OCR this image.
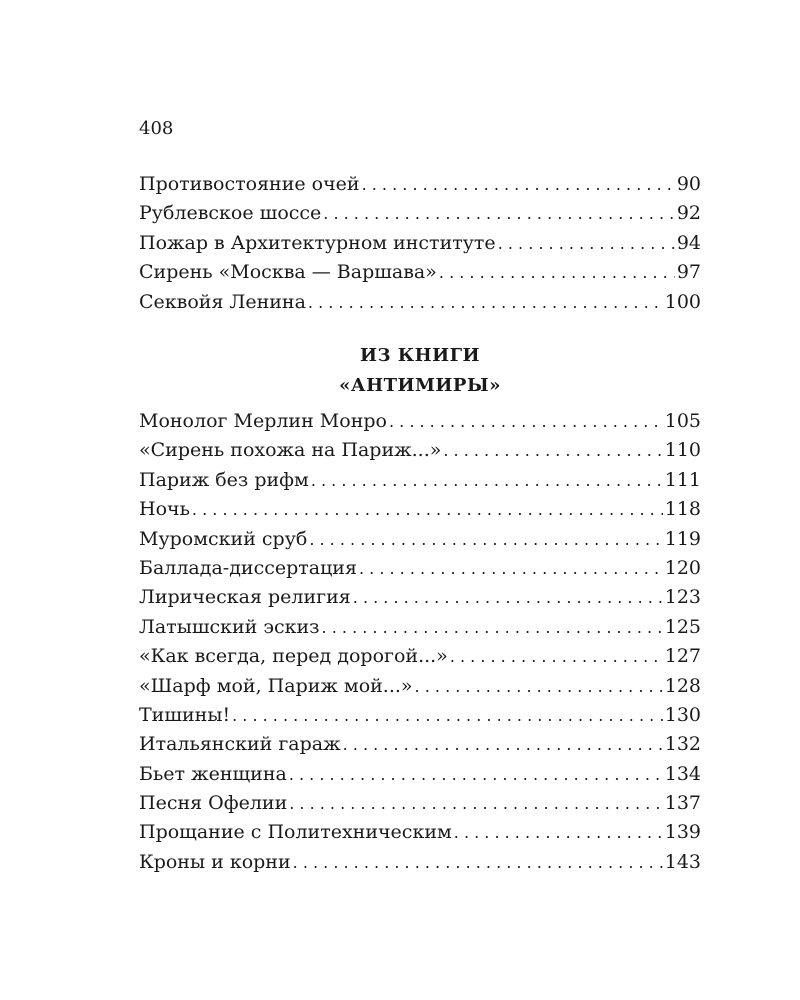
408
Противостояние очей . . .	90
Рублевское шоссе . . .	92
Пожар в Архитектурном институте . . .	94
Сирень «Москва — Варшава» . . .	97
Секвойя Ленина . . .	100
ИЗ КНИГИ
«АНТИМИРЫ»
Монолог Мерлин Монро . . .	105
«Сирень похожа на Париж...» . . .	110
Париж без рифм . . .	111
Ночь . . .	118
Муромский сруб . . .	119
Баллада-диссертация . . .	120
Лирическая религия . . .	123
Латышский эскиз . . .	125
«Как всегда, перед дорогой...» . . .	127
«Шарф мой, Париж мой...» . . .	128
Тишины! . . .	130
Итальянский гараж . . .	132
Бьет женщина . . .	134
Песня Офелии . . .	137
Прощание с Политехническим . . .	139
Кроны и корни . . .	143
